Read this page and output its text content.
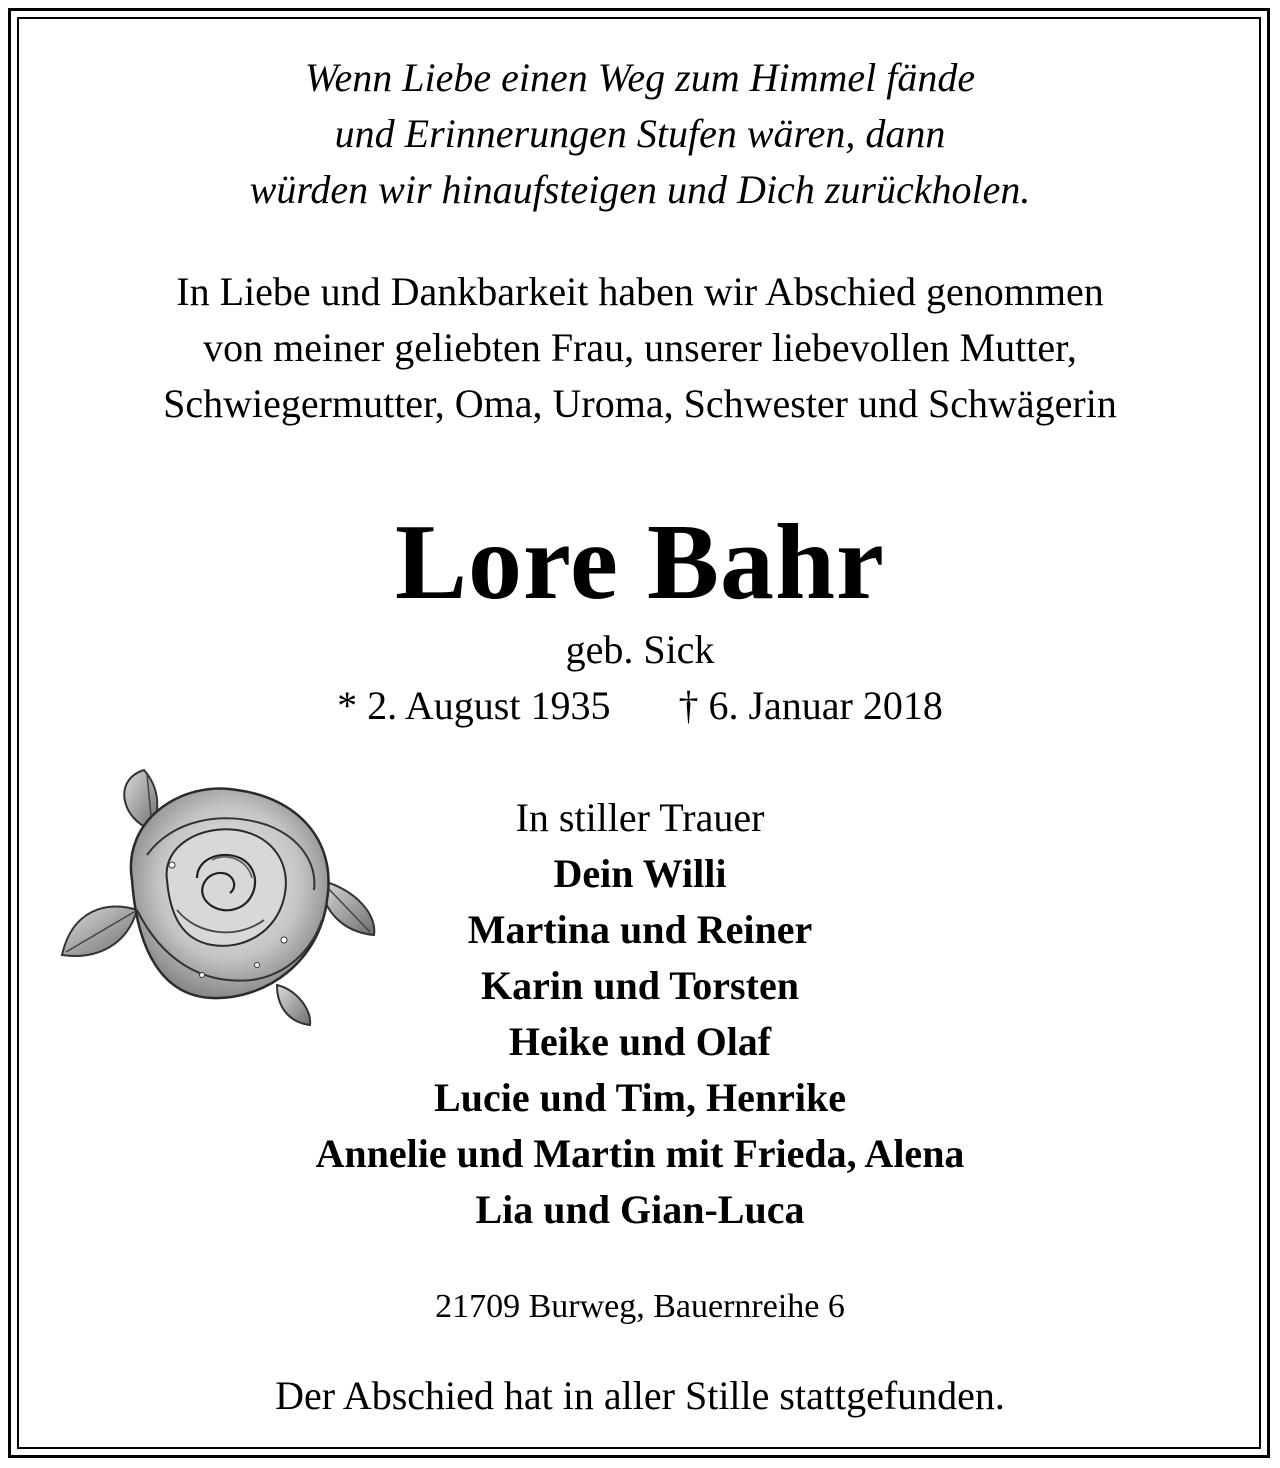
Wenn Liebe einen Weg zum Himmel fände
und Erinnerungen Stufen wären, dann
würden wir hinaufsteigen und Dich zurückholen.
In Liebe und Dankbarkeit haben wir Abschied genommen
von meiner geliebten Frau, unserer liebevollen Mutter,
Schwiegermutter, Oma, Uroma, Schwester und Schwägerin
Lore Bahr
geb. Sick
* 2. August 1935 † 6. Januar 2018
In stiller Trauer
Dein Willi
Martina und Reiner
Karin und Torsten
Heike und Olaf
Lucie und Tim, Henrike
Annelie und Martin mit Frieda, Alena
Lia und Gian-Luca
21709 Burweg, Bauernreihe 6
Der Abschied hat in aller Stille stattgefunden.
